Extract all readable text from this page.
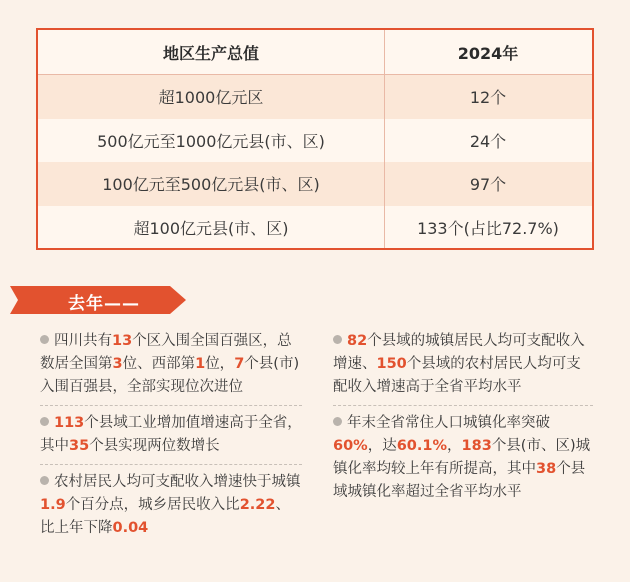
地区生产总值	2024年
超1000亿元区	12个
500亿元至1000亿元县(市、区)	24个
100亿元至500亿元县(市、区)	97个
超100亿元县(市、区)	133个(占比72.7%)
去年——
四川共有13个区入围全国百强区，总数居全国第3位、西部第1位，7个县(市)入围百强县，全部实现位次进位
113个县域工业增加值增速高于全省，其中35个县实现两位数增长
农村居民人均可支配收入增速快于城镇1.9个百分点，城乡居民收入比2.22、比上年下降0.04
82个县域的城镇居民人均可支配收入增速、150个县域的农村居民人均可支配收入增速高于全省平均水平
年末全省常住人口城镇化率突破60%，达60.1%，183个县(市、区)城镇化率均较上年有所提高，其中38个县域城镇化率超过全省平均水平
